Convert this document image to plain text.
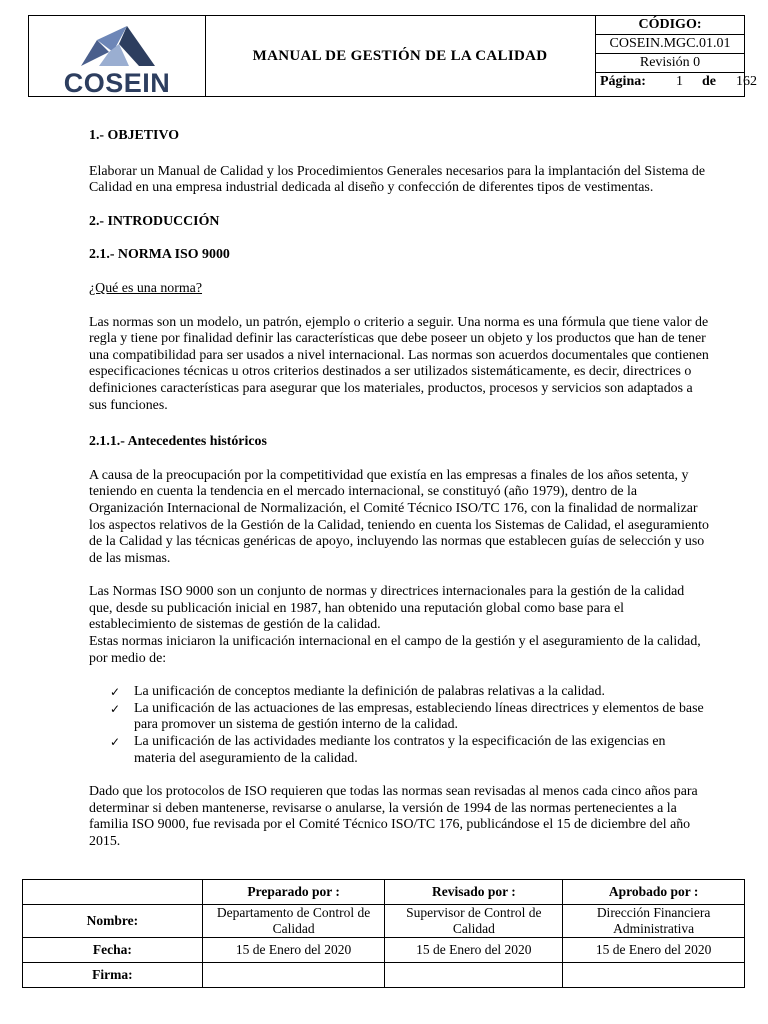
COSEIN
MANUAL DE GESTIÓN DE LA CALIDAD
CÓDIGO:
COSEIN.MGC.01.01
Revisión 0
Página: 1 de 162

1.- OBJETIVO

Elaborar un Manual de Calidad y los Procedimientos Generales necesarios para la implantación del Sistema de Calidad en una empresa industrial dedicada al diseño y confección de diferentes tipos de vestimentas.

2.- INTRODUCCIÓN

2.1.- NORMA ISO 9000

¿Qué es una norma?

Las normas son un modelo, un patrón, ejemplo o criterio a seguir. Una norma es una fórmula que tiene valor de regla y tiene por finalidad definir las características que debe poseer un objeto y los productos que han de tener una compatibilidad para ser usados a nivel internacional. Las normas son acuerdos documentales que contienen especificaciones técnicas u otros criterios destinados a ser utilizados sistemáticamente, es decir, directrices o definiciones características para asegurar que los materiales, productos, procesos y servicios son adaptados a sus funciones.

2.1.1.- Antecedentes históricos

A causa de la preocupación por la competitividad que existía en las empresas a finales de los años setenta, y teniendo en cuenta la tendencia en el mercado internacional, se constituyó (año 1979), dentro de la Organización Internacional de Normalización, el Comité Técnico ISO/TC 176, con la finalidad de normalizar los aspectos relativos de la Gestión de la Calidad, teniendo en cuenta los Sistemas de Calidad, el aseguramiento de la Calidad y las técnicas genéricas de apoyo, incluyendo las normas que establecen guías de selección y uso de las mismas.

Las Normas ISO 9000 son un conjunto de normas y directrices internacionales para la gestión de la calidad que, desde su publicación inicial en 1987, han obtenido una reputación global como base para el establecimiento de sistemas de gestión de la calidad.

Estas normas iniciaron la unificación internacional en el campo de la gestión y el aseguramiento de la calidad, por medio de:

✓ La unificación de conceptos mediante la definición de palabras relativas a la calidad.
✓ La unificación de las actuaciones de las empresas, estableciendo líneas directrices y elementos de base para promover un sistema de gestión interno de la calidad.
✓ La unificación de las actividades mediante los contratos y la especificación de las exigencias en materia del aseguramiento de la calidad.

Dado que los protocolos de ISO requieren que todas las normas sean revisadas al menos cada cinco años para determinar si deben mantenerse, revisarse o anularse, la versión de 1994 de las normas pertenecientes a la familia ISO 9000, fue revisada por el Comité Técnico ISO/TC 176, publicándose el 15 de diciembre del año 2015.

	Preparado por :	Revisado por :	Aprobado por :
Nombre:	Departamento de Control de Calidad	Supervisor de Control de Calidad	Dirección Financiera Administrativa
Fecha:	15 de Enero del 2020	15 de Enero del 2020	15 de Enero del 2020
Firma:			
